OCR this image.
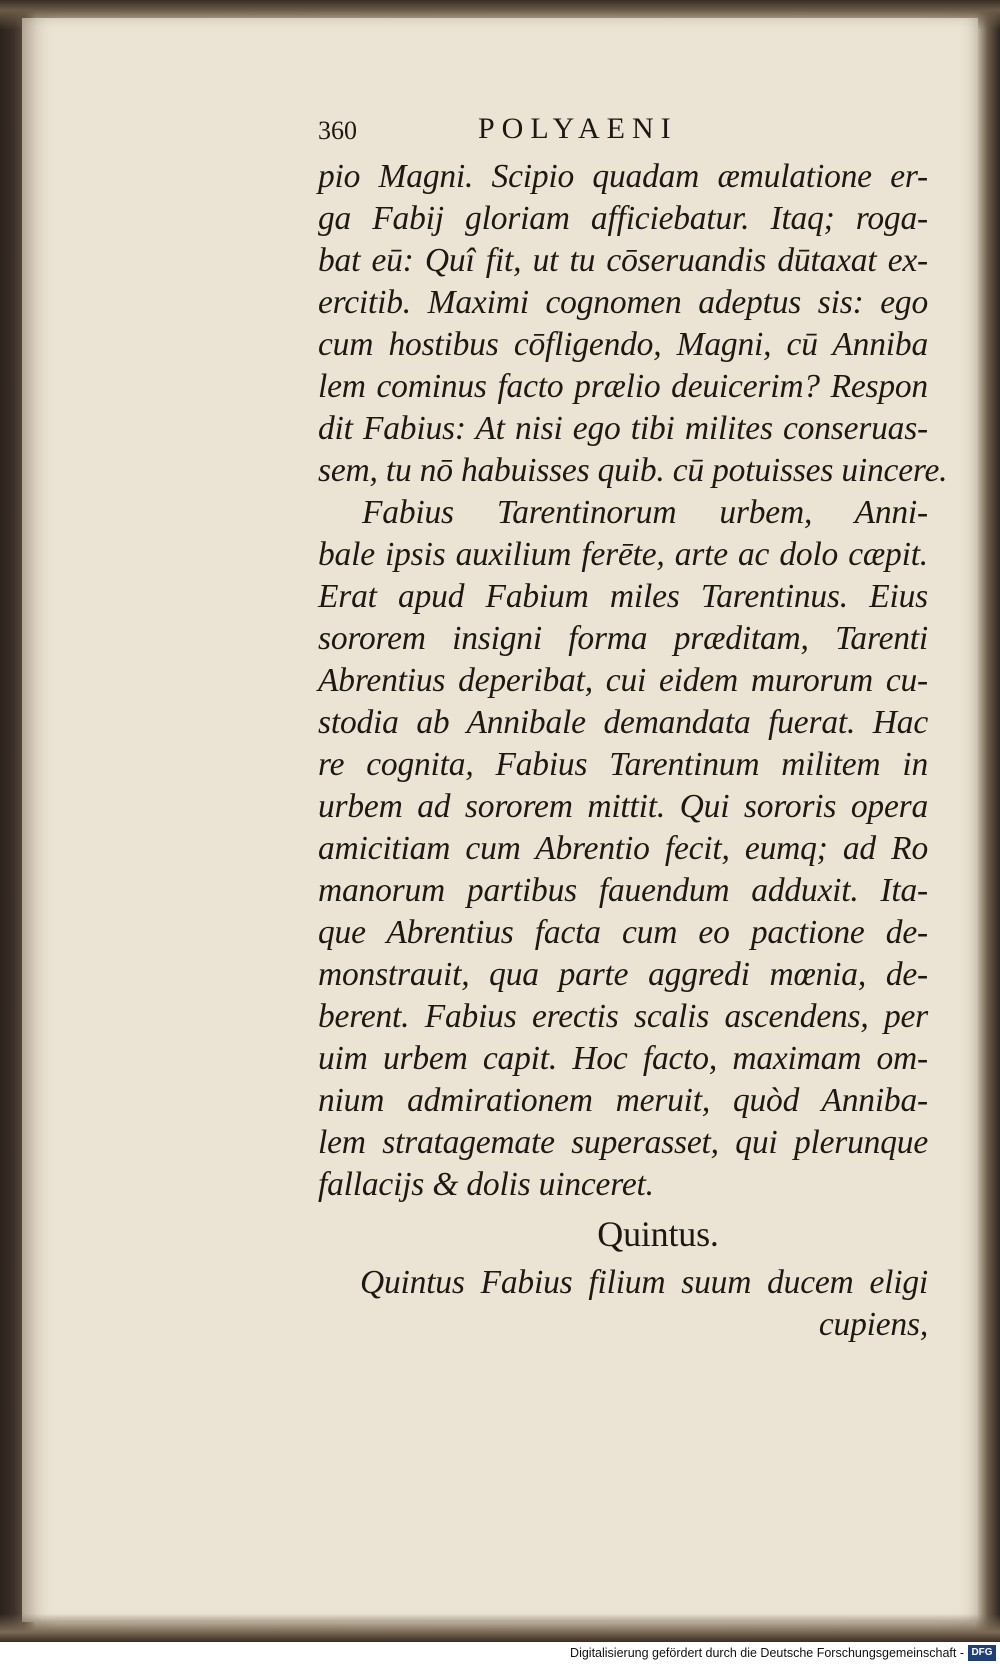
360	POLYAENI
pio Magni. Scipio quadam æmulatione er-
ga Fabij gloriam afficiebatur. Itaq; roga-
bat eū: Quî fit, ut tu cōseruandis dūtaxat ex-
ercitib. Maximi cognomen adeptus sis: ego
cum hostibus cōfligendo, Magni, cū Anniba
lem cominus facto prælio deuicerim? Respon
dit Fabius: At nisi ego tibi milites conseruas-
sem, tu nō habuisses quib. cū potuisses uincere.
Fabius Tarentinorum urbem, Anni-
bale ipsis auxilium ferēte, arte ac dolo cæpit.
Erat apud Fabium miles Tarentinus. Eius
sororem insigni forma præditam, Tarenti
Abrentius deperibat, cui eidem murorum cu-
stodia ab Annibale demandata fuerat. Hac
re cognita, Fabius Tarentinum militem in
urbem ad sororem mittit. Qui sororis opera
amicitiam cum Abrentio fecit, eumq; ad Ro
manorum partibus fauendum adduxit. Ita-
que Abrentius facta cum eo pactione de-
monstrauit, qua parte aggredi mœnia, de-
berent. Fabius erectis scalis ascendens, per
uim urbem capit. Hoc facto, maximam om-
nium admirationem meruit, quòd Anniba-
lem stratagemate superasset, qui plerunque
fallacijs & dolis uinceret.
Quintus.
Quintus Fabius filium suum ducem eligi
cupiens,
Digitalisierung gefördert durch die Deutsche Forschungsgemeinschaft - DFG
